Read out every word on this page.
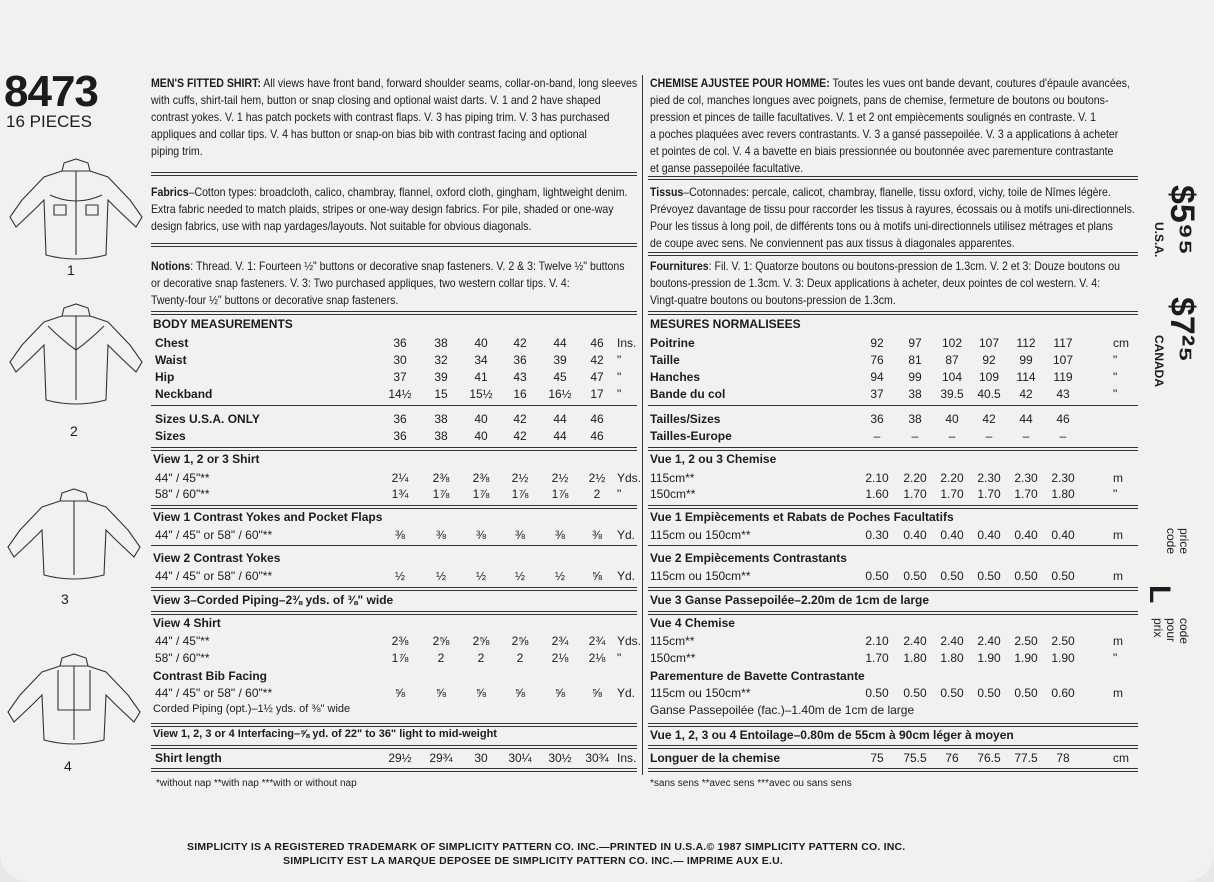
8473
16 PIECES
1
2
3
4
MEN'S FITTED SHIRT: All views have front band, forward shoulder seams, collar-on-band, long sleeves
with cuffs, shirt-tail hem, button or snap closing and optional waist darts. V. 1 and 2 have shaped
contrast yokes. V. 1 has patch pockets with contrast flaps. V. 3 has piping trim. V. 3 has purchased
appliques and collar tips. V. 4 has button or snap-on bias bib with contrast facing and optional
piping trim.
Fabrics–Cotton types: broadcloth, calico, chambray, flannel, oxford cloth, gingham, lightweight denim.
Extra fabric needed to match plaids, stripes or one-way design fabrics. For pile, shaded or one-way
design fabrics, use with nap yardages/layouts. Not suitable for obvious diagonals.
Notions: Thread. V. 1: Fourteen ½" buttons or decorative snap fasteners. V. 2 & 3: Twelve ½" buttons
or decorative snap fasteners. V. 3: Two purchased appliques, two western collar tips. V. 4:
Twenty-four ½" buttons or decorative snap fasteners.
BODY MEASUREMENTS
Chest	36	38	40	42	44	46	Ins.
Waist	30	32	34	36	39	42	"
Hip	37	39	41	43	45	47	"
Neckband	14½	15	15½	16	16½	17	"
Sizes U.S.A. ONLY	36	38	40	42	44	46
Sizes	36	38	40	42	44	46
View 1, 2 or 3 Shirt
44" / 45"**	2¼	2⅜	2⅜	2½	2½	2½ Yds.
58" / 60"**	1¾	1⅞	1⅞	1⅞	1⅞	2	"
View 1 Contrast Yokes and Pocket Flaps
44" / 45" or 58" / 60"**	⅜	⅜	⅜	⅜	⅜	⅜	Yd.
View 2 Contrast Yokes
44" / 45" or 58" / 60"**	½	½	½	½	½	⅝	Yd.
View 3–Corded Piping–2⅜ yds. of ⅜" wide
View 4 Shirt
44" / 45"**	2⅜	2⅝	2⅝	2⅝	2¾	2¾ Yds.
58" / 60"**	1⅞	2	2	2	2⅛	2⅛ "
Contrast Bib Facing
44" / 45" or 58" / 60"**	⅝	⅝	⅝	⅝	⅝	⅝	Yd.
Corded Piping (opt.)–1½ yds. of ⅜" wide
View 1, 2, 3 or 4 Interfacing–⅝ yd. of 22" to 36" light to mid-weight
Shirt length	29½	29¾	30	30¼	30½	30¾ Ins.
*without nap **with nap ***with or without nap
CHEMISE AJUSTEE POUR HOMME: Toutes les vues ont bande devant, coutures d'épaule avancées,
pied de col, manches longues avec poignets, pans de chemise, fermeture de boutons ou boutons-
pression et pinces de taille facultatives. V. 1 et 2 ont empiècements soulignés en contraste. V. 1
a poches plaquées avec revers contrastants. V. 3 a gansé passepoilée. V. 3 a applications à acheter
et pointes de col. V. 4 a bavette en biais pressionnée ou boutonnée avec parementure contrastante
et ganse passepoilée facultative.
Tissus–Cotonnades: percale, calicot, chambray, flanelle, tissu oxford, vichy, toile de Nîmes légère.
Prévoyez davantage de tissu pour raccorder les tissus à rayures, écossais ou à motifs uni-directionnels.
Pour les tissus à long poil, de différents tons ou à motifs uni-directionnels utilisez métrages et plans
de coupe avec sens. Ne conviennent pas aux tissus à diagonales apparentes.
Fournitures: Fil. V. 1: Quatorze boutons ou boutons-pression de 1.3cm. V. 2 et 3: Douze boutons ou
boutons-pression de 1.3cm. V. 3: Deux applications à acheter, deux pointes de col western. V. 4:
Vingt-quatre boutons ou boutons-pression de 1.3cm.
MESURES NORMALISEES
Poitrine	92	97	102	107	112	117	cm
Taille	76	81	87	92	99	107	"
Hanches	94	99	104	109	114	119	"
Bande du col	37	38	39.5	40.5	42	43	"
Tailles/Sizes	36	38	40	42	44	46
Tailles-Europe	–	–	–	–	–	–
Vue 1, 2 ou 3 Chemise
115cm**	2.10	2.20	2.20	2.30	2.30	2.30	m
150cm**	1.60	1.70	1.70	1.70	1.70	1.80	"
Vue 1 Empiècements et Rabats de Poches Facultatifs
115cm ou 150cm**	0.30	0.40	0.40	0.40	0.40	0.40	m
Vue 2 Empiècements Contrastants
115cm ou 150cm**	0.50	0.50	0.50	0.50	0.50	0.50	m
Vue 3 Ganse Passepoilée–2.20m de 1cm de large
Vue 4 Chemise
115cm**	2.10	2.40	2.40	2.40	2.50	2.50	m
150cm**	1.70	1.80	1.80	1.90	1.90	1.90	"
Parementure de Bavette Contrastante
115cm ou 150cm**	0.50	0.50	0.50	0.50	0.50	0.60	m
Ganse Passepoilée (fac.)–1.40m de 1cm de large
Vue 1, 2, 3 ou 4 Entoilage–0.80m de 55cm à 90cm léger à moyen
Longuer de la chemise	75	75.5	76	76.5	77.5	78	cm
*sans sens **avec sens ***avec ou sans sens
$5⁹⁵
U.S.A.
$7²⁵
CANADA
price code
L
code pour prix
SIMPLICITY IS A REGISTERED TRADEMARK OF SIMPLICITY PATTERN CO. INC.—PRINTED IN U.S.A.© 1987 SIMPLICITY PATTERN CO. INC.
SIMPLICITY EST LA MARQUE DEPOSEE DE SIMPLICITY PATTERN CO. INC.— IMPRIME AUX E.U.
